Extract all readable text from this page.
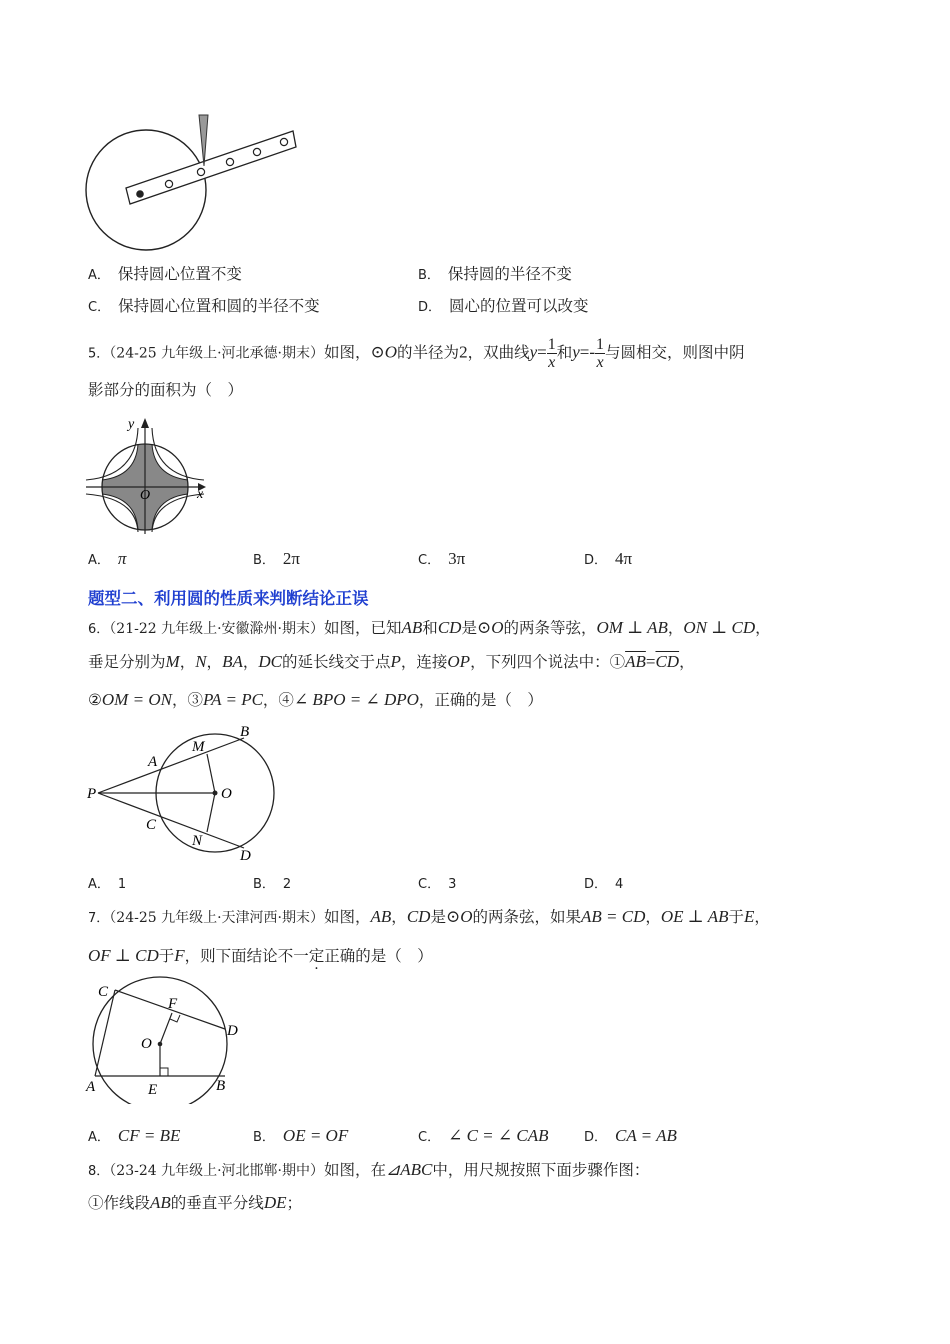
A． 保持圆心位置不变	B． 保持圆的半径不变
C． 保持圆心位置和圆的半径不变	D． 圆心的位置可以改变
5．（24-25 九年级上·河北承德·期末）如图，⊙O的半径为2，双曲线$y= \frac{1}{x}$ 和$y=- \frac{1}{x}$ 与圆相交，则图中阴
影部分的面积为（　）
y
x
O
A． π	B． 2π	C． 3π	D． 4π
题型二、利用圆的性质来判断结论正误
6．（21-22 九年级上·安徽滁州·期末）如图，已知AB和CD是⊙O的两条等弦，OM ⊥ AB，ON ⊥ CD，
垂足分别为M，N，BA，DC的延长线交于点P，连接OP，下列四个说法中：$①\overline{AB}=\overline{CD}$，
②OM = ON，③PA = PC，④∠ BPO = ∠ DPO，正确的是（　）
P
A
M
B
O
C
N
D
A． 1	B． 2	C． 3	D． 4
7．（24-25 九年级上·天津河西·期末）如图，AB，CD是⊙O的两条弦，如果AB = CD，OE ⊥ AB于E，
OF ⊥ CD于F，则下面结论不一定正确 ·的是（　）
C
F
D
O
A	E	B
A． CF = BE	B． OE = OF	C． ∠ C = ∠ CAB	D． CA = AB
8．（23-24 九年级上·河北邯郸·期中）如图，在⊿ABC中，用尺规按照下面步骤作图：
①作线段AB的垂直平分线DE；
